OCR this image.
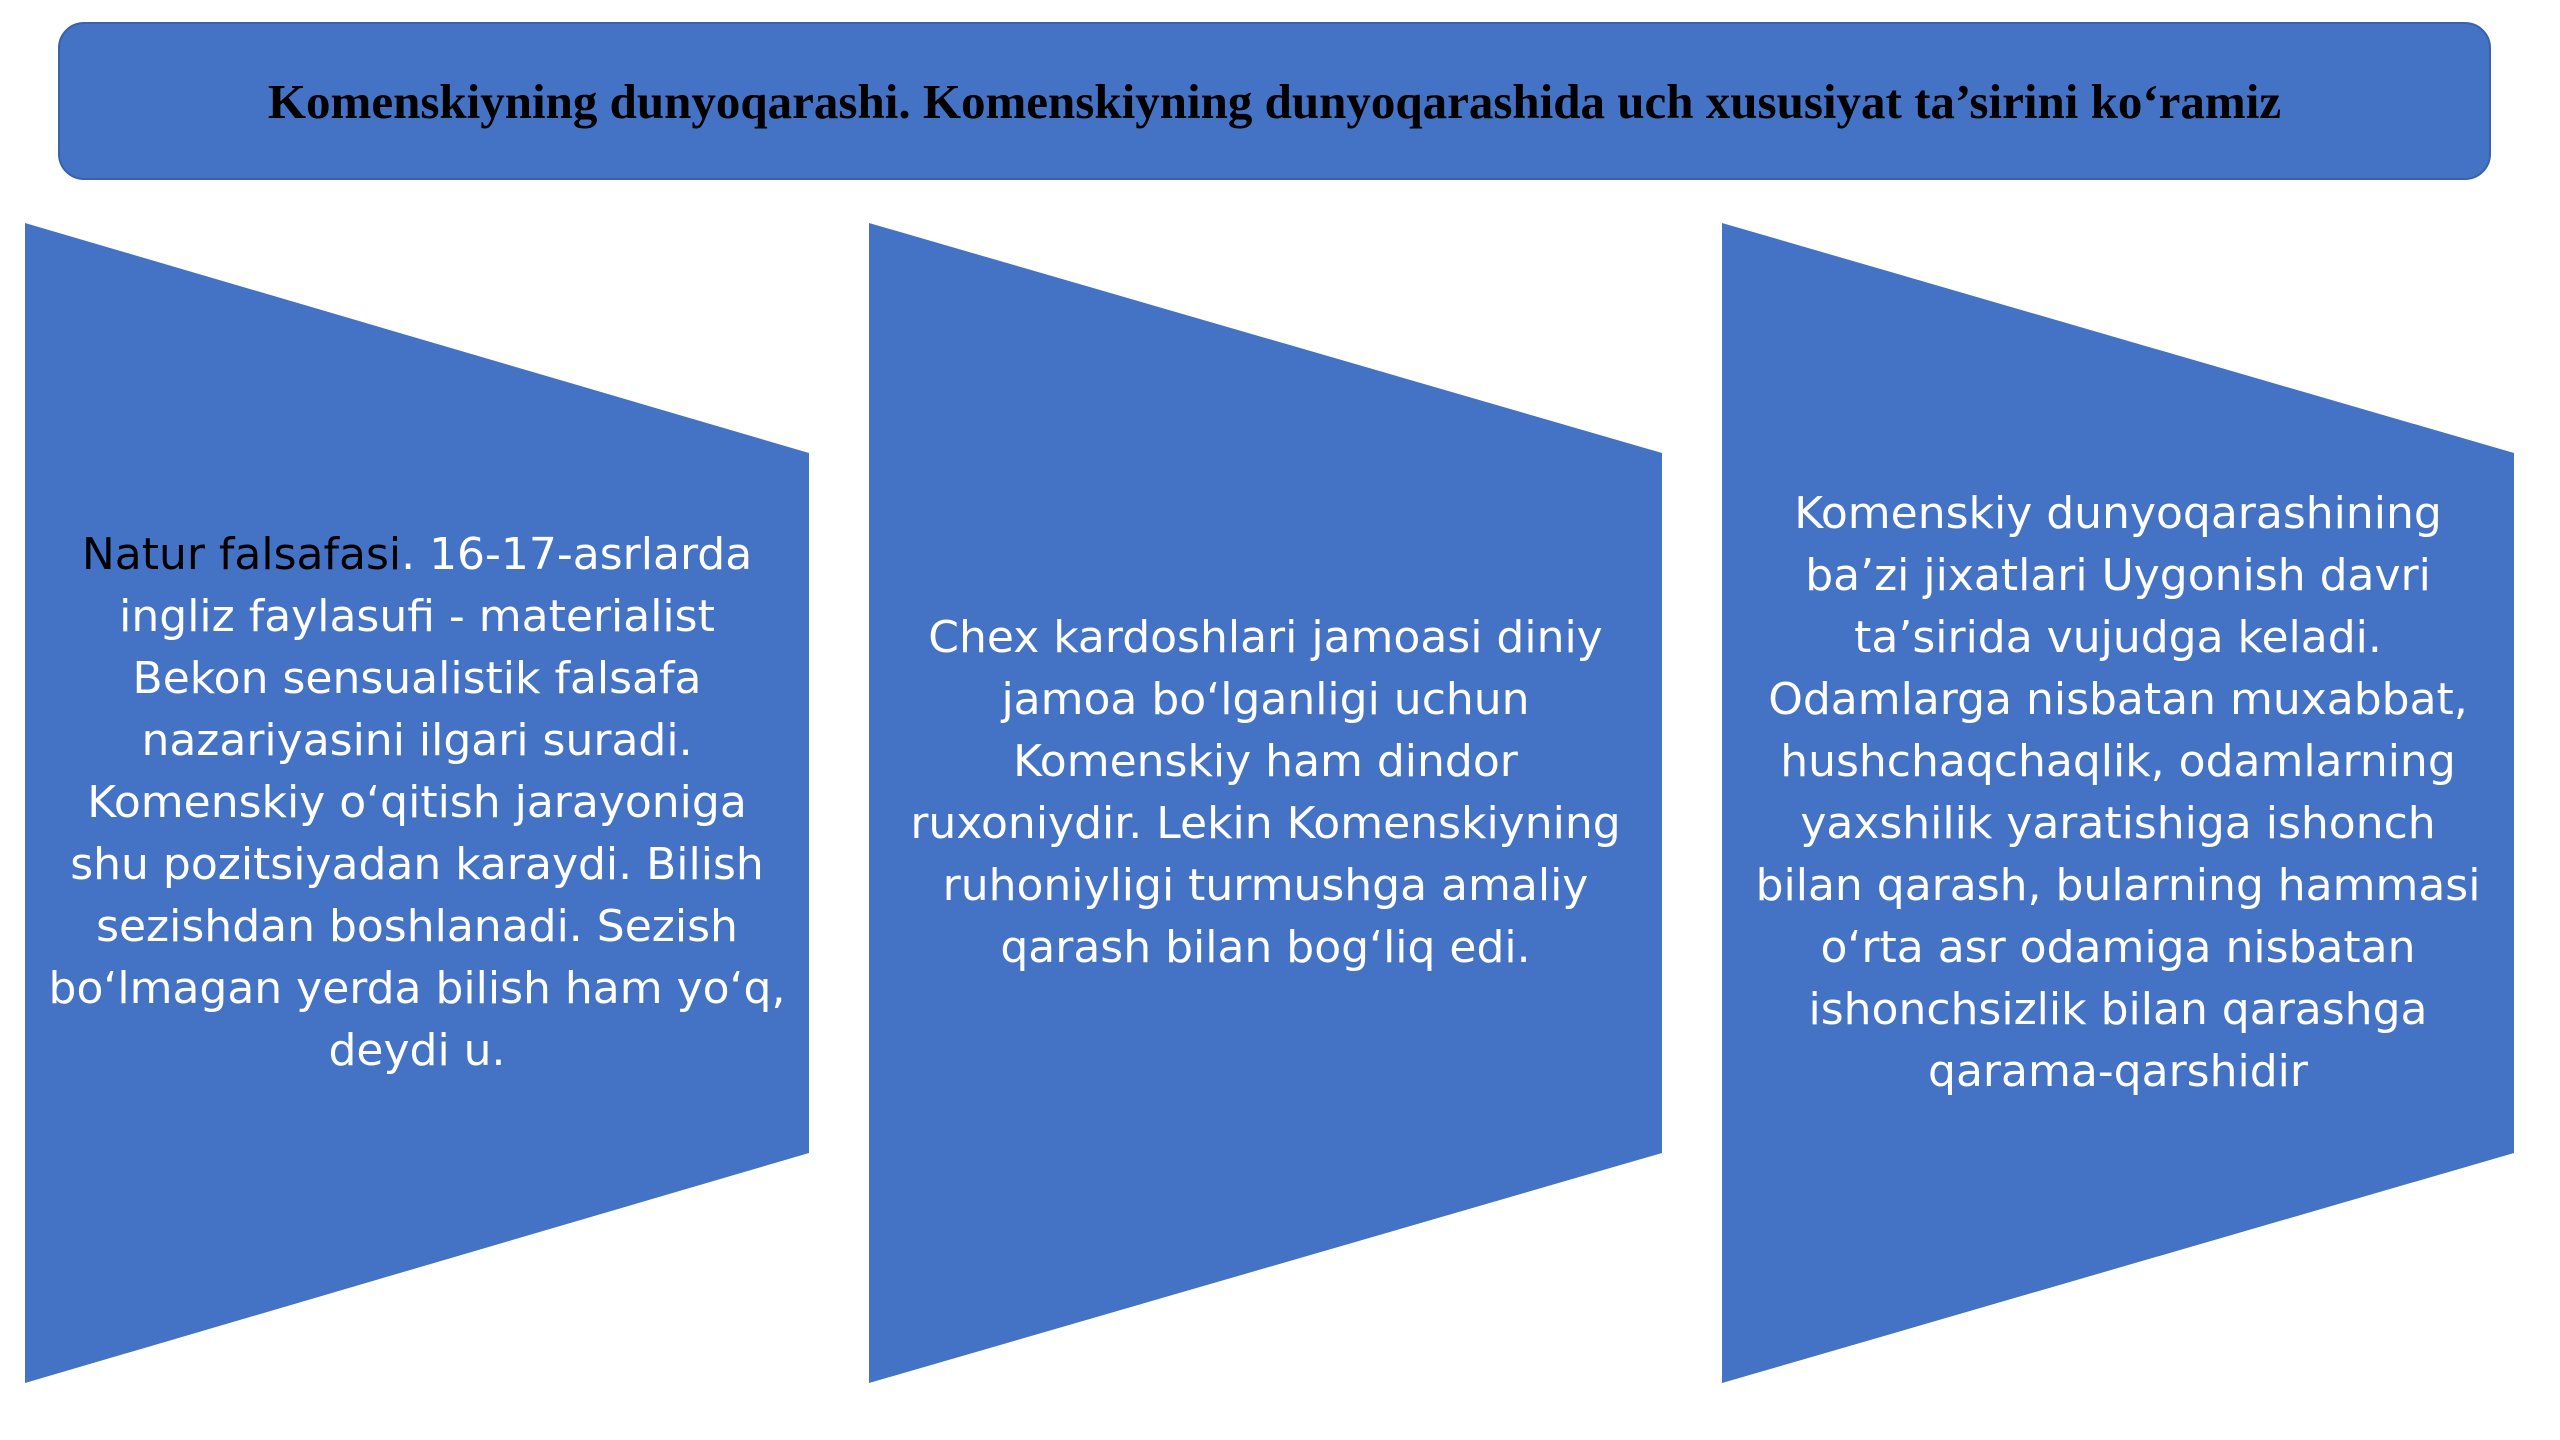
Komenskiyning dunyoqarashi. Komenskiyning dunyoqarashida uch xususiyat ta’sirini ko‘ramiz

Natur falsafasi. 16-17-asrlarda ingliz faylasufi - materialist Bekon sensualistik falsafa nazariyasini ilgari suradi. Komenskiy o‘qitish jarayoniga shu pozitsiyadan karaydi. Bilish sezishdan boshlanadi. Sezish bo‘lmagan yerda bilish ham yo‘q, deydi u.

Chex kardoshlari jamoasi diniy jamoa bo‘lganligi uchun Komenskiy ham dindor ruxoniydir. Lekin Komenskiyning ruhoniyligi turmushga amaliy qarash bilan bog‘liq edi.

Komenskiy dunyoqarashining ba’zi jixatlari Uygonish davri ta’sirida vujudga keladi. Odamlarga nisbatan muxabbat, hushchaqchaqlik, odamlarning yaxshilik yaratishiga ishonch bilan qarash, bularning hammasi o‘rta asr odamiga nisbatan ishonchsizlik bilan qarashga qarama-qarshidir
